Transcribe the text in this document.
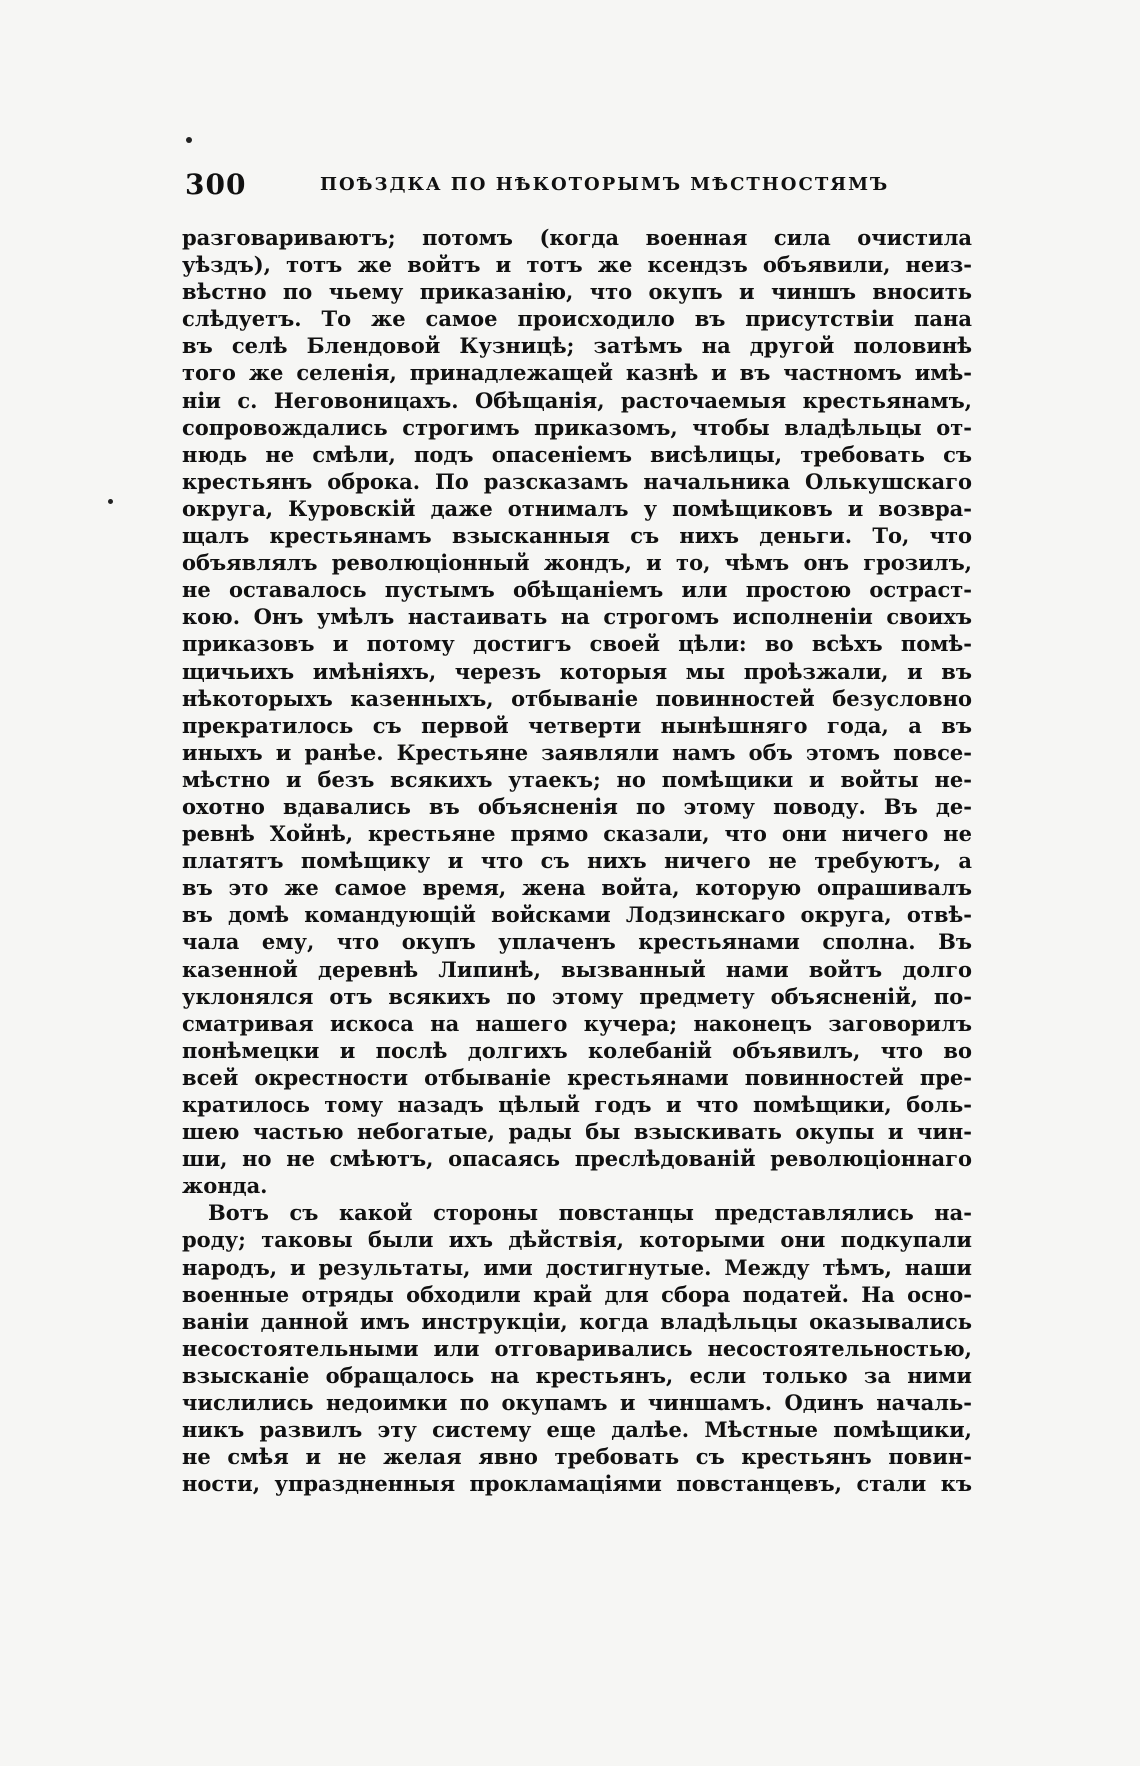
300	ПОѢЗДКА ПО НѢКОТОРЫМЪ МѢСТНОСТЯМЪ
разговариваютъ; потомъ (когда военная сила очистила
уѣздъ), тотъ же войтъ и тотъ же ксендзъ объявили, неиз-
вѣстно по чьему приказанію, что окупъ и чиншъ вносить
слѣдуетъ. То же самое происходило въ присутствіи пана
въ селѣ Блендовой Кузницѣ; затѣмъ на другой половинѣ
того же селенія, принадлежащей казнѣ и въ частномъ имѣ-
ніи с. Неговоницахъ. Обѣщанія, расточаемыя крестьянамъ,
сопровождались строгимъ приказомъ, чтобы владѣльцы от-
нюдь не смѣли, подъ опасеніемъ висѣлицы, требовать съ
крестьянъ оброка. По разсказамъ начальника Олькушскаго
округа, Куровскій даже отнималъ у помѣщиковъ и возвра-
щалъ крестьянамъ взысканныя съ нихъ деньги. То, что
объявлялъ революціонный жондъ, и то, чѣмъ онъ грозилъ,
не оставалось пустымъ обѣщаніемъ или простою остраст-
кою. Онъ умѣлъ настаивать на строгомъ исполненіи своихъ
приказовъ и потому достигъ своей цѣли: во всѣхъ помѣ-
щичьихъ имѣніяхъ, черезъ которыя мы проѣзжали, и въ
нѣкоторыхъ казенныхъ, отбываніе повинностей безусловно
прекратилось съ первой четверти нынѣшняго года, а въ
иныхъ и ранѣе. Крестьяне заявляли намъ объ этомъ повсе-
мѣстно и безъ всякихъ утаекъ; но помѣщики и войты не-
охотно вдавались въ объясненія по этому поводу. Въ де-
ревнѣ Хойнѣ, крестьяне прямо сказали, что они ничего не
платятъ помѣщику и что съ нихъ ничего не требуютъ, а
въ это же самое время, жена войта, которую опрашивалъ
въ домѣ командующій войсками Лодзинскаго округа, отвѣ-
чала ему, что окупъ уплаченъ крестьянами сполна. Въ
казенной деревнѣ Липинѣ, вызванный нами войтъ долго
уклонялся отъ всякихъ по этому предмету объясненій, по-
сматривая искоса на нашего кучера; наконецъ заговорилъ
понѣмецки и послѣ долгихъ колебаній объявилъ, что во
всей окрестности отбываніе крестьянами повинностей пре-
кратилось тому назадъ цѣлый годъ и что помѣщики, боль-
шею частью небогатые, рады бы взыскивать окупы и чин-
ши, но не смѣютъ, опасаясь преслѣдованій революціоннаго
жонда.
Вотъ съ какой стороны повстанцы представлялись на-
роду; таковы были ихъ дѣйствія, которыми они подкупали
народъ, и результаты, ими достигнутые. Между тѣмъ, наши
военные отряды обходили край для сбора податей. На осно-
ваніи данной имъ инструкціи, когда владѣльцы оказывались
несостоятельными или отговаривались несостоятельностью,
взысканіе обращалось на крестьянъ, если только за ними
числились недоимки по окупамъ и чиншамъ. Одинъ началь-
никъ развилъ эту систему еще далѣе. Мѣстные помѣщики,
не смѣя и не желая явно требовать съ крестьянъ повин-
ности, упраздненныя прокламаціями повстанцевъ, стали къ
